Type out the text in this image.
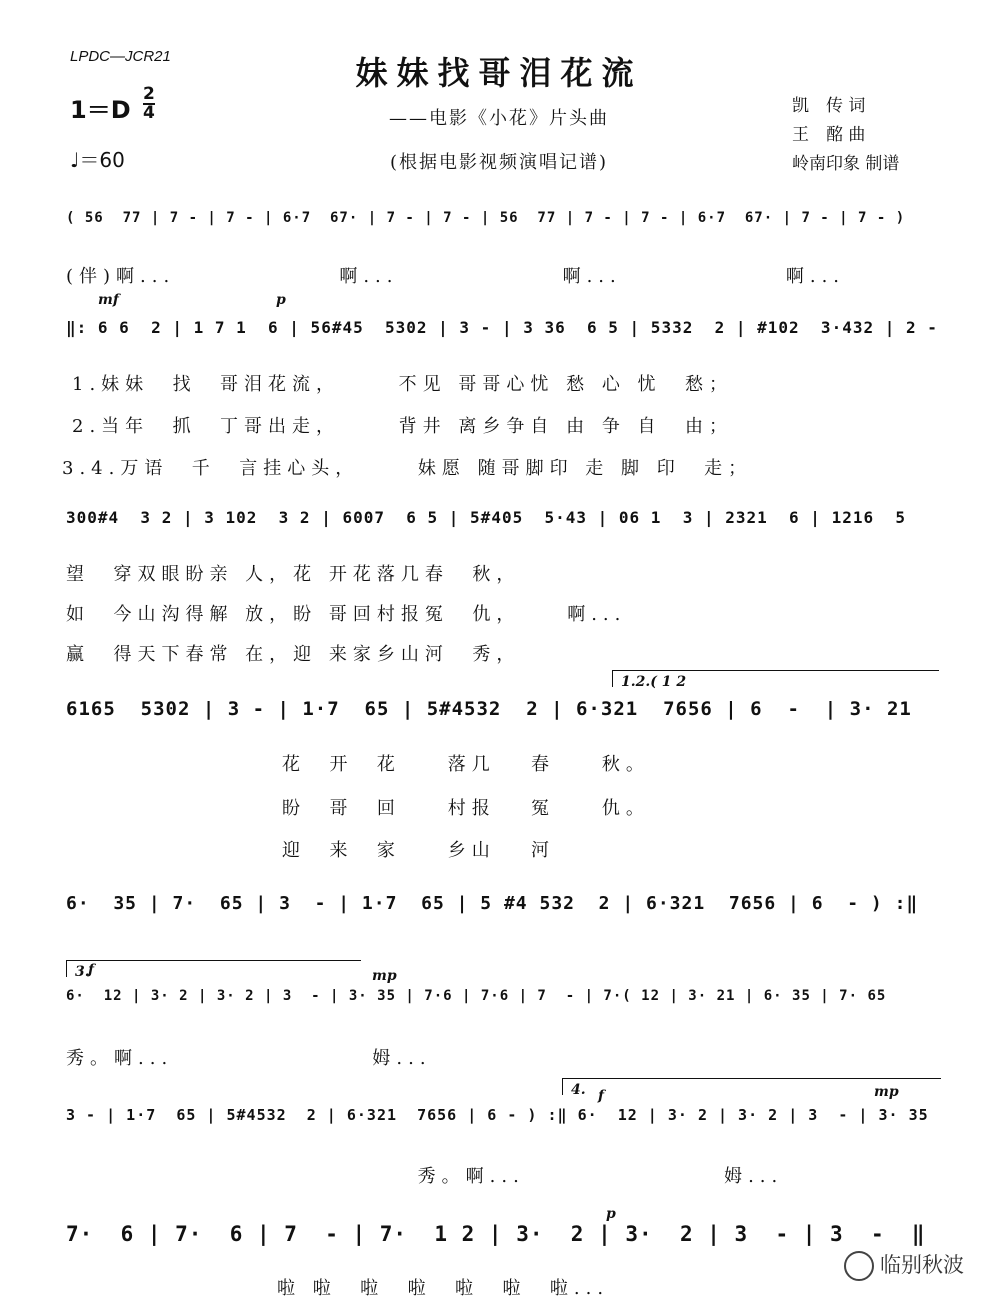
LPDC—JCR21	妹妹找哥泪花流
——电影《小花》片头曲
(根据电影视频演唱记谱)
1＝D
2
4
♩＝60
凯　传 词
王　酩 曲
岭南印象 制谱
( 56  77 | 7 - | 7 - | 6·7  67· | 7 - | 7 - | 56  77 | 7 - | 7 - | 6·7  67· | 7 - | 7 - )
(伴)啊...              啊...              啊...              啊...
‖: 6 6  2 | 1 7 1  6 | 56#45  5302 | 3 - | 3 36  6 5 | 5332  2 | #102  3·432 | 2 -
1.妹妹  找  哥泪花流，     不见 哥哥心忧 愁 心 忧  愁；
2.当年  抓  丁哥出走，     背井 离乡争自 由 争 自  由；
3.4.万语  千  言挂心头，     妹愿 随哥脚印 走 脚 印  走；
300#4  3 2 | 3 102  3 2 | 6007  6 5 | 5#405  5·43 | 06 1  3 | 2321  6 | 1216  5
望  穿双眼盼亲 人，花 开花落几春  秋，
如  今山沟得解 放，盼 哥回村报冤  仇，    啊...
赢  得天下春常 在，迎 来家乡山河  秀，
6165  5302 | 3 - | 1·7  65 | 5#4532  2 | 6·321  7656 | 6  -  | 3· 21
1.2.( 1 2
花  开  花    落几   春    秋。
盼  哥  回    村报   冤    仇。
迎  来  家    乡山   河
6·  35 | 7·  65 | 3  - | 1·7  65 | 5 #4 532  2 | 6·321  7656 | 6  - ) :‖
6·  12 | 3· 2 | 3· 2 | 3  - | 3· 35 | 7·6 | 7·6 | 7  - | 7·( 12 | 3· 21 | 6· 35 | 7· 65
3.
f	mp
秀。啊...                 姆...
3 - | 1·7  65 | 5#4532  2 | 6·321  7656 | 6 - ) :‖ 6·  12 | 3· 2 | 3· 2 | 3  - | 3· 35
4. f	mp
秀。啊...                 姆...
7·  6 | 7·  6 | 7  - | 7·  1 2 | 3·  2 | 3·  2 | 3  - | 3  -  ‖
p
啦 啦  啦  啦  啦  啦  啦...
mf	p
临别秋波
